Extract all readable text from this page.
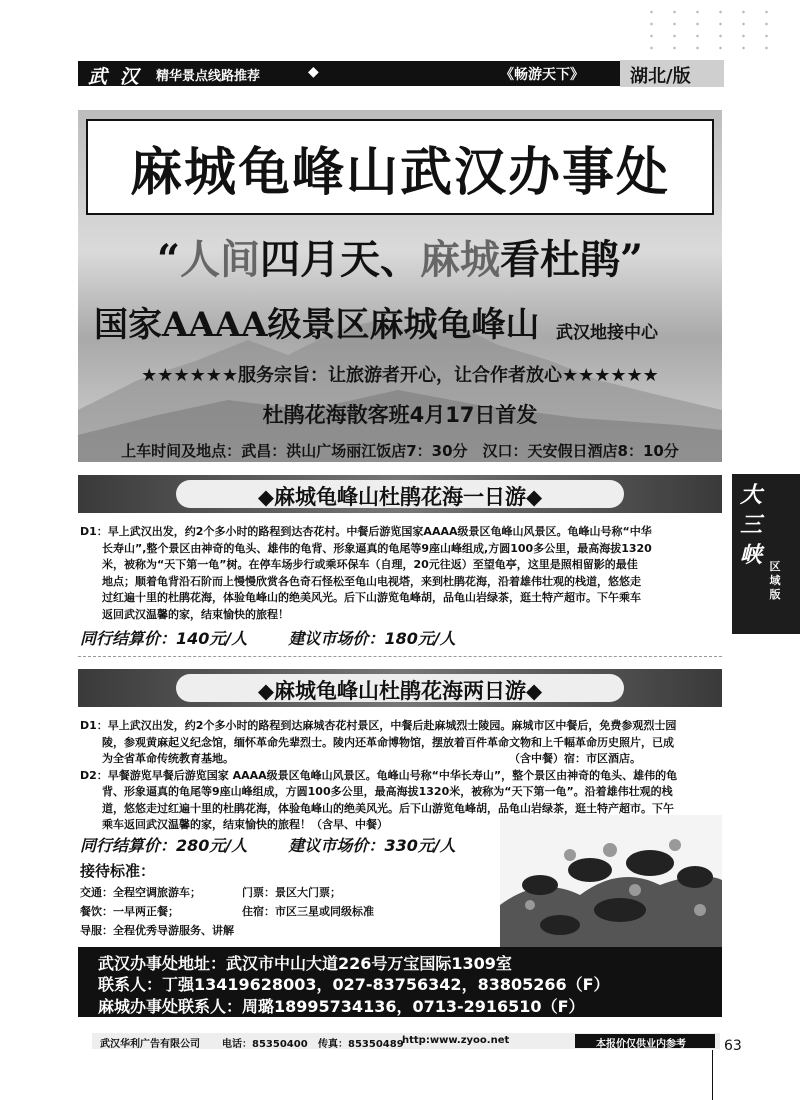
武 汉 精华景点线路推荐	◆	《畅游天下》	湖北/版
麻城龟峰山武汉办事处
“人间四月天、麻城看杜鹃”
国家AAAA级景区麻城龟峰山 武汉地接中心
★★★★★★服务宗旨：让旅游者开心，让合作者放心★★★★★★
杜鹃花海散客班4月17日首发
上车时间及地点：武昌：洪山广场丽江饭店7：30分　汉口：天安假日酒店8：10分
大三峡 区域版
◆麻城龟峰山杜鹃花海一日游◆
D1：早上武汉出发，约2个多小时的路程到达杏花村。中餐后游览国家AAAA级景区龟峰山风景区。龟峰山号称“中华
　　长寿山”,整个景区由神奇的龟头、雄伟的龟背、形象逼真的龟尾等9座山峰组成,方圆100多公里，最高海拔1320
　　米，被称为“天下第一龟”树。在停车场步行或乘环保车（自理，20元往返）至望龟亭，这里是照相留影的最佳
　　地点；顺着龟背沿石阶而上慢慢欣赏各色奇石怪松至龟山电视塔，来到杜鹃花海，沿着雄伟壮观的栈道，悠悠走
　　过红遍十里的杜鹃花海，体验龟峰山的绝美风光。后下山游览龟峰胡，品龟山岩绿茶，逛土特产超市。下午乘车
　　返回武汉温馨的家，结束愉快的旅程！
同行结算价：140元/人	建议市场价：180元/人
◆麻城龟峰山杜鹃花海两日游◆
D1：早上武汉出发，约2个多小时的路程到达麻城杏花村景区，中餐后赴麻城烈士陵园。麻城市区中餐后，免费参观烈士园
　　陵，参观黄麻起义纪念馆，缅怀革命先辈烈士。陵内还革命博物馆，摆放着百件革命文物和上千幅革命历史照片，已成
　　为全省革命传统教育基地。　　　　　　　　　　　　　　　　　　　　　　　　　　（含中餐）宿：市区酒店。
D2：早餐游览早餐后游览国家 AAAA级景区龟峰山风景区。龟峰山号称“中华长寿山”，整个景区由神奇的龟头、雄伟的龟
　　背、形象逼真的龟尾等9座山峰组成，方圆100多公里，最高海拔1320米，被称为“天下第一龟”。沿着雄伟壮观的栈
　　道，悠悠走过红遍十里的杜鹃花海，体验龟峰山的绝美风光。后下山游览龟峰胡，品龟山岩绿茶，逛土特产超市。下午
　　乘车返回武汉温馨的家，结束愉快的旅程！（含早、中餐）
同行结算价：280元/人	建议市场价：330元/人
接待标准：
交通：全程空调旅游车；	门票：景区大门票；
餐饮：一早两正餐；	住宿：市区三星或同级标准
导服：全程优秀导游服务、讲解
武汉办事处地址：武汉市中山大道226号万宝国际1309室
联系人：丁强13419628003，027-83756342，83805266（F）
麻城办事处联系人：周璐18995734136，0713-2916510（F）
武汉华利广告有限公司 电话：85350400 传真：85350489
http:www.zyoo.net	本报价仅供业内参考	63
